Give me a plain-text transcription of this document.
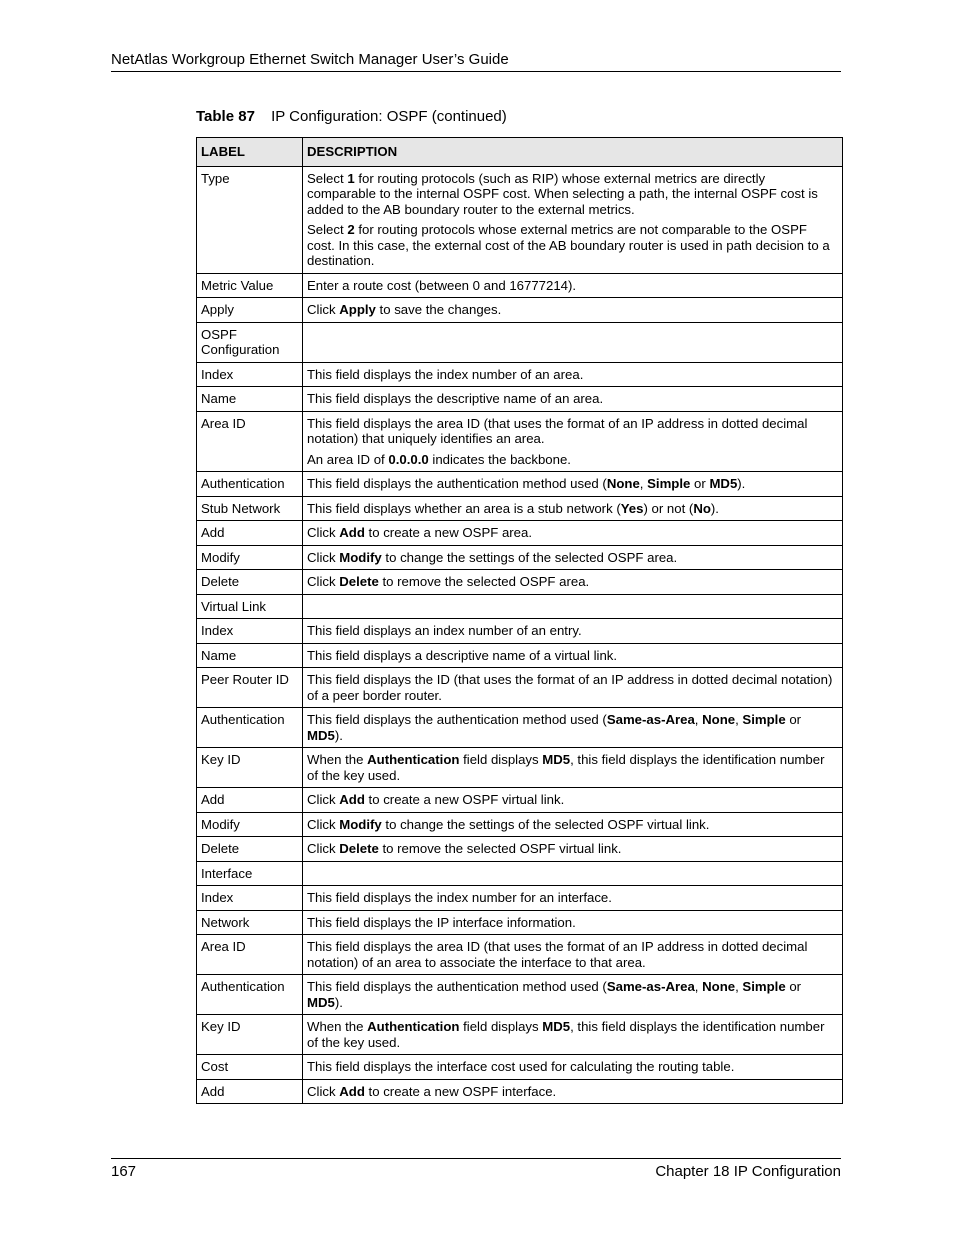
NetAtlas Workgroup Ethernet Switch Manager User’s Guide
Table 87 IP Configuration: OSPF (continued)
LABEL	DESCRIPTION
Type	Select 1 for routing protocols (such as RIP) whose external metrics are directly comparable to the internal OSPF cost. When selecting a path, the internal OSPF cost is added to the AB boundary router to the external metrics.

Select 2 for routing protocols whose external metrics are not comparable to the OSPF cost. In this case, the external cost of the AB boundary router is used in path decision to a destination.

Metric Value	Enter a route cost (between 0 and 16777214).

Apply	Click Apply to save the changes.

OSPF Configuration	
Index	This field displays the index number of an area.

Name	This field displays the descriptive name of an area.

Area ID	This field displays the area ID (that uses the format of an IP address in dotted decimal notation) that uniquely identifies an area.

An area ID of 0.0.0.0 indicates the backbone.

Authentication	This field displays the authentication method used (None, Simple or MD5).

Stub Network	This field displays whether an area is a stub network (Yes) or not (No).

Add	Click Add to create a new OSPF area.

Modify	Click Modify to change the settings of the selected OSPF area.

Delete	Click Delete to remove the selected OSPF area.

Virtual Link	
Index	This field displays an index number of an entry.

Name	This field displays a descriptive name of a virtual link.

Peer Router ID	This field displays the ID (that uses the format of an IP address in dotted decimal notation) of a peer border router.

Authentication	This field displays the authentication method used (Same-as-Area, None, Simple or MD5).

Key ID	When the Authentication field displays MD5, this field displays the identification number of the key used.

Add	Click Add to create a new OSPF virtual link.

Modify	Click Modify to change the settings of the selected OSPF virtual link.

Delete	Click Delete to remove the selected OSPF virtual link.

Interface	
Index	This field displays the index number for an interface.

Network	This field displays the IP interface information.

Area ID	This field displays the area ID (that uses the format of an IP address in dotted decimal notation) of an area to associate the interface to that area.

Authentication	This field displays the authentication method used (Same-as-Area, None, Simple or MD5).

Key ID	When the Authentication field displays MD5, this field displays the identification number of the key used.

Cost	This field displays the interface cost used for calculating the routing table.

Add	Click Add to create a new OSPF interface.

167	Chapter 18 IP Configuration
